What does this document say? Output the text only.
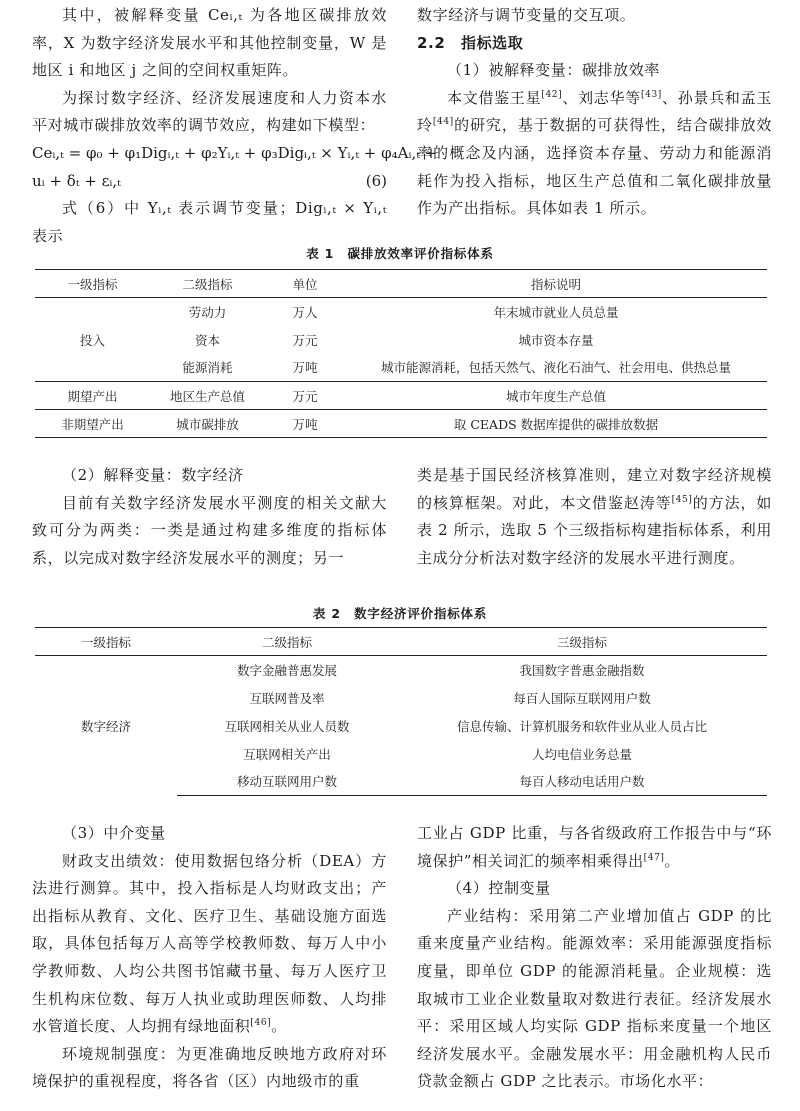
其中，被解释变量 Ceᵢ,ₜ 为各地区碳排放效率，X 为数字经济发展水平和其他控制变量，W 是地区 i 和地区 j 之间的空间权重矩阵。

为探讨数字经济、经济发展速度和人力资本水平对城市碳排放效率的调节效应，构建如下模型：

Ceᵢ,ₜ = φ₀ + φ₁Digᵢ,ₜ + φ₂Yᵢ,ₜ + φ₃Digᵢ,ₜ × Yᵢ,ₜ + φ₄Aᵢ,ₜ +

uᵢ + δₜ + εᵢ,ₜ	(6)

式（6）中 Yᵢ,ₜ 表示调节变量；Digᵢ,ₜ × Yᵢ,ₜ 表示

数字经济与调节变量的交互项。

2.2　指标选取

（1）被解释变量：碳排放效率

本文借鉴王星[42]、刘志华等[43]、孙景兵和孟玉玲[44]的研究，基于数据的可获得性，结合碳排放效率的概念及内涵，选择资本存量、劳动力和能源消耗作为投入指标，地区生产总值和二氧化碳排放量作为产出指标。具体如表 1 所示。

表 1　碳排放效率评价指标体系
一级指标	二级指标	单位	指标说明
投入	劳动力	万人	年末城市就业人员总量
	资本	万元	城市资本存量
	能源消耗	万吨	城市能源消耗，包括天然气、液化石油气、社会用电、供热总量
期望产出	地区生产总值	万元	城市年度生产总值
非期望产出	城市碳排放	万吨	取 CEADS 数据库提供的碳排放数据

（2）解释变量：数字经济

目前有关数字经济发展水平测度的相关文献大致可分为两类：一类是通过构建多维度的指标体系，以完成对数字经济发展水平的测度；另一

类是基于国民经济核算准则，建立对数字经济规模的核算框架。对此，本文借鉴赵涛等[45]的方法，如表 2 所示，选取 5 个三级指标构建指标体系，利用主成分分析法对数字经济的发展水平进行测度。

表 2　数字经济评价指标体系
一级指标	二级指标	三级指标
数字经济	数字金融普惠发展	我国数字普惠金融指数
	互联网普及率	每百人国际互联网用户数
	互联网相关从业人员数	信息传输、计算机服务和软件业从业人员占比
	互联网相关产出	人均电信业务总量
	移动互联网用户数	每百人移动电话用户数

（3）中介变量

财政支出绩效：使用数据包络分析（DEA）方法进行测算。其中，投入指标是人均财政支出；产出指标从教育、文化、医疗卫生、基础设施方面选取，具体包括每万人高等学校教师数、每万人中小学教师数、人均公共图书馆藏书量、每万人医疗卫生机构床位数、每万人执业或助理医师数、人均排水管道长度、人均拥有绿地面积[46]。

环境规制强度：为更准确地反映地方政府对环境保护的重视程度，将各省（区）内地级市的重

工业占 GDP 比重，与各省级政府工作报告中与“环境保护”相关词汇的频率相乘得出[47]。

（4）控制变量

产业结构：采用第二产业增加值占 GDP 的比重来度量产业结构。能源效率：采用能源强度指标度量，即单位 GDP 的能源消耗量。企业规模：选取城市工业企业数量取对数进行表征。经济发展水平：采用区域人均实际 GDP 指标来度量一个地区经济发展水平。金融发展水平：用金融机构人民币贷款金额占 GDP 之比表示。市场化水平：
